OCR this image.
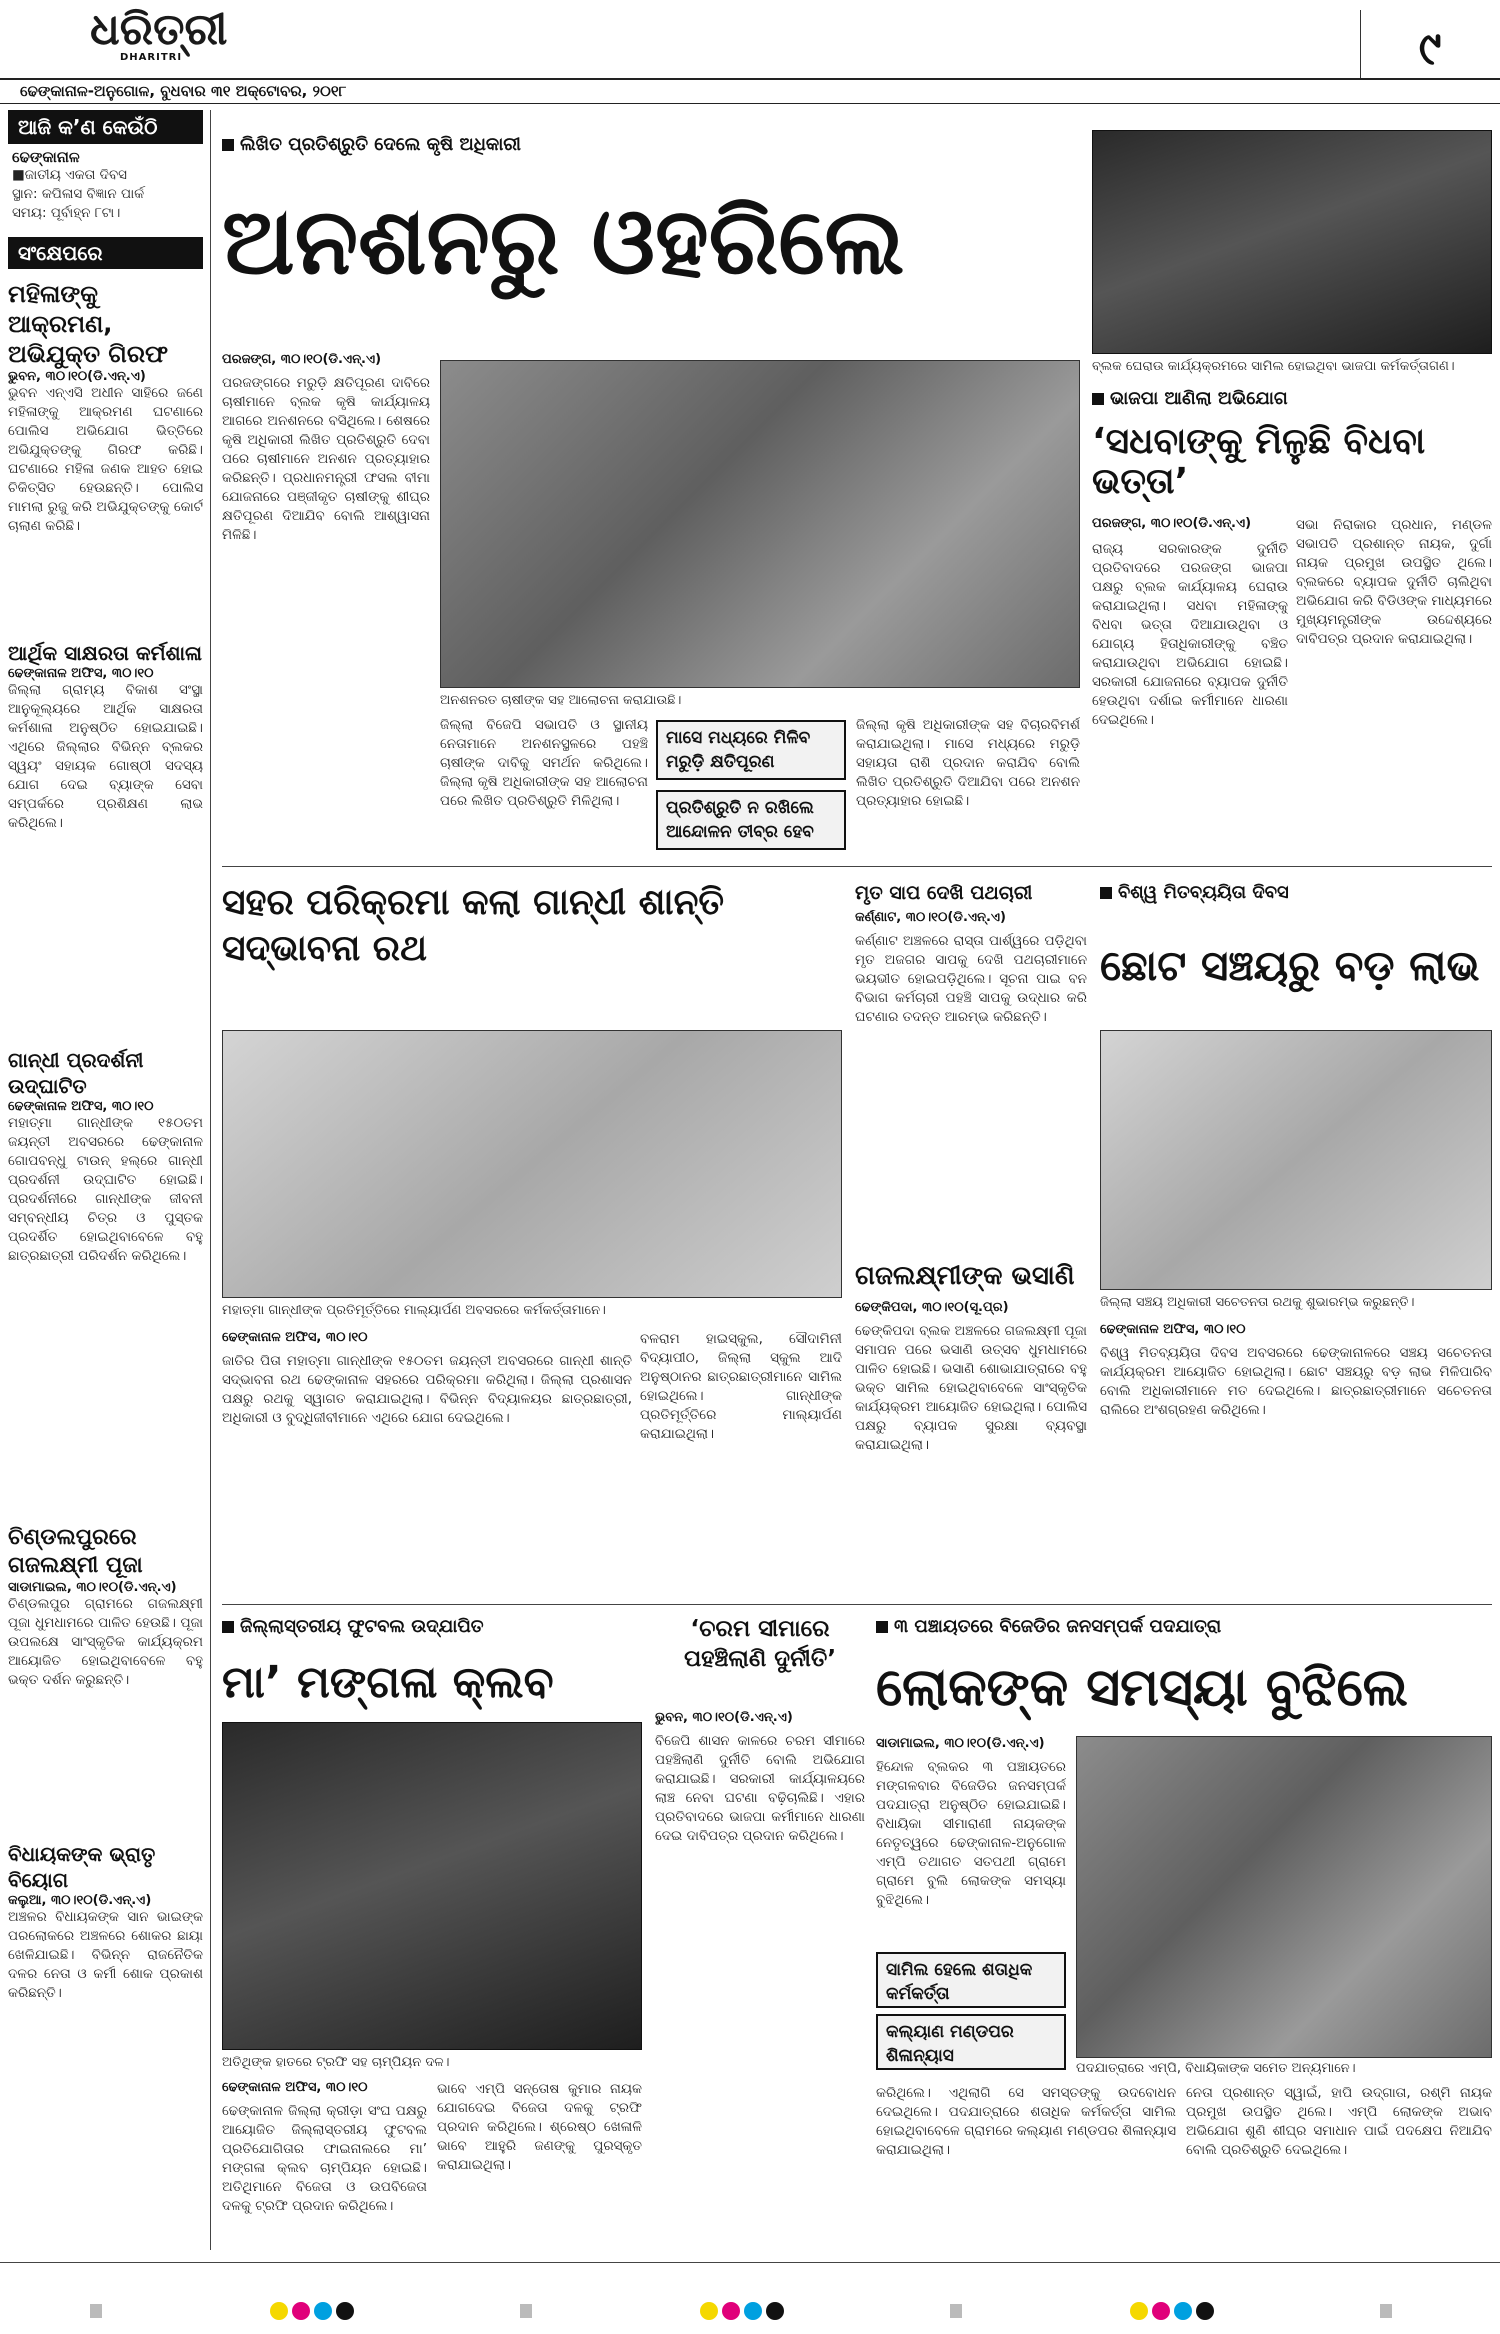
ଧରିତ୍ରୀ
DHARITRI	୯
ଢେଙ୍କାନାଳ-ଅନୁଗୋଳ, ବୁଧବାର ୩୧ ଅକ୍ଟୋବର, ୨୦୧୮
ଆଜି କ’ଣ କେଉଁଠି
ଢେଙ୍କାନାଳ
■ଜାତୀୟ ଏକତା ଦିବସ
ସ୍ଥାନ: କପିଳାସ ବିଜ୍ଞାନ ପାର୍କ
ସମୟ: ପୂର୍ବାହ୍ନ ୮ଟା।
ସଂକ୍ଷେପରେ
ମହିଳାଙ୍କୁ ଆକ୍ରମଣ, ଅଭିଯୁକ୍ତ ଗିରଫ
ଭୁବନ, ୩୦।୧୦(ଡି.ଏନ୍.ଏ)
ଭୁବନ ଏନ୍‌ଏସି ଅଧୀନ ସାହିରେ ଜଣେ ମହିଳାଙ୍କୁ ଆକ୍ରମଣ ଘଟଣାରେ ପୋଲିସ ଅଭିଯୋଗ ଭିତ୍ତିରେ ଅଭିଯୁକ୍ତଙ୍କୁ ଗିରଫ କରିଛି। ଘଟଣାରେ ମହିଳା ଜଣକ ଆହତ ହୋଇ ଚିକିତ୍ସିତ ହେଉଛନ୍ତି। ପୋଲିସ ମାମଲା ରୁଜୁ କରି ଅଭିଯୁକ୍ତଙ୍କୁ କୋର୍ଟ ଚାଲାଣ କରିଛି।
ଆର୍ଥିକ ସାକ୍ଷରତା କର୍ମଶାଳା
ଢେଙ୍କାନାଳ ଅଫିସ, ୩୦।୧୦
ଜିଲ୍ଲା ଗ୍ରାମ୍ୟ ବିକାଶ ସଂସ୍ଥା ଆନୁକୂଲ୍ୟରେ ଆର୍ଥିକ ସାକ୍ଷରତା କର୍ମଶାଳା ଅନୁଷ୍ଠିତ ହୋଇଯାଇଛି। ଏଥିରେ ଜିଲ୍ଲାର ବିଭିନ୍ନ ବ୍ଲକର ସ୍ୱୟଂ ସହାୟକ ଗୋଷ୍ଠୀ ସଦସ୍ୟ ଯୋଗ ଦେଇ ବ୍ୟାଙ୍କ ସେବା ସମ୍ପର୍କରେ ପ୍ରଶିକ୍ଷଣ ଲାଭ କରିଥିଲେ।
ଗାନ୍ଧୀ ପ୍ରଦର୍ଶନୀ ଉଦ୍‌ଘାଟିତ
ଢେଙ୍କାନାଳ ଅଫିସ, ୩୦।୧୦
ମହାତ୍ମା ଗାନ୍ଧୀଙ୍କ ୧୫୦ତମ ଜୟନ୍ତୀ ଅବସରରେ ଢେଙ୍କାନାଳ ଗୋପବନ୍ଧୁ ଟାଉନ୍ ହଲ୍‌ରେ ଗାନ୍ଧୀ ପ୍ରଦର୍ଶନୀ ଉଦ୍‌ଘାଟିତ ହୋଇଛି। ପ୍ରଦର୍ଶନୀରେ ଗାନ୍ଧୀଙ୍କ ଜୀବନୀ ସମ୍ବନ୍ଧୀୟ ଚିତ୍ର ଓ ପୁସ୍ତକ ପ୍ରଦର୍ଶିତ ହୋଇଥିବାବେଳେ ବହୁ ଛାତ୍ରଛାତ୍ରୀ ପରିଦର୍ଶନ କରିଥିଲେ।
ଚିଣ୍ଡଲପୁରରେ ଗଜଲକ୍ଷ୍ମୀ ପୂଜା
ସାଡାମାଇଲ, ୩୦।୧୦(ଡି.ଏନ୍.ଏ)
ଚିଣ୍ଡଲପୁର ଗ୍ରାମରେ ଗଜଲକ୍ଷ୍ମୀ ପୂଜା ଧୁମଧାମରେ ପାଳିତ ହେଉଛି। ପୂଜା ଉପଲକ୍ଷେ ସାଂସ୍କୃତିକ କାର୍ଯ୍ୟକ୍ରମ ଆୟୋଜିତ ହୋଇଥିବାବେଳେ ବହୁ ଭକ୍ତ ଦର୍ଶନ କରୁଛନ୍ତି।
ବିଧାୟକଙ୍କ ଭ୍ରାତୃ ବିୟୋଗ
କଲୁଆ, ୩୦।୧୦(ଡି.ଏନ୍.ଏ)
ଅଞ୍ଚଳର ବିଧାୟକଙ୍କ ସାନ ଭାଇଙ୍କ ପରଲୋକରେ ଅଞ୍ଚଳରେ ଶୋକର ଛାୟା ଖେଳିଯାଇଛି। ବିଭିନ୍ନ ରାଜନୈତିକ ଦଳର ନେତା ଓ କର୍ମୀ ଶୋକ ପ୍ରକାଶ କରିଛନ୍ତି।
ଲିଖିତ ପ୍ରତିଶ୍ରୁତି ଦେଲେ କୃଷି ଅଧିକାରୀ
ଅନଶନରୁ ଓହରିଲେ
ପରଜଙ୍ଗ, ୩୦।୧୦(ଡି.ଏନ୍.ଏ)
ପରଜଙ୍ଗରେ ମରୁଡ଼ି କ୍ଷତିପୂରଣ ଦାବିରେ ଚାଷୀମାନେ ବ୍ଲକ କୃଷି କାର୍ଯ୍ୟାଳୟ ଆଗରେ ଅନଶନରେ ବସିଥିଲେ। ଶେଷରେ କୃଷି ଅଧିକାରୀ ଲିଖିତ ପ୍ରତିଶ୍ରୁତି ଦେବା ପରେ ଚାଷୀମାନେ ଅନଶନ ପ୍ରତ୍ୟାହାର କରିଛନ୍ତି। ପ୍ରଧାନମନ୍ତ୍ରୀ ଫସଲ ବୀମା ଯୋଜନାରେ ପଞ୍ଜୀକୃତ ଚାଷୀଙ୍କୁ ଶୀଘ୍ର କ୍ଷତିପୂରଣ ଦିଆଯିବ ବୋଲି ଆଶ୍ୱାସନା ମିଳିଛି।
ଅନଶନରତ ଚାଷୀଙ୍କ ସହ ଆଲୋଚନା କରାଯାଉଛି।
ଜିଲ୍ଲା ବିଜେପି ସଭାପତି ଓ ସ୍ଥାନୀୟ ନେତାମାନେ ଅନଶନସ୍ଥଳରେ ପହଞ୍ଚି ଚାଷୀଙ୍କ ଦାବିକୁ ସମର୍ଥନ କରିଥିଲେ। ଜିଲ୍ଲା କୃଷି ଅଧିକାରୀଙ୍କ ସହ ଆଲୋଚନା ପରେ ଲିଖିତ ପ୍ରତିଶ୍ରୁତି ମିଳିଥିଲା।
ମାସେ ମଧ୍ୟରେ ମିଳିବ ମରୁଡ଼ି କ୍ଷତିପୂରଣ
ପ୍ରତିଶ୍ରୁତି ନ ରଖିଲେ ଆନ୍ଦୋଳନ ତୀବ୍ର ହେବ
ଜିଲ୍ଲା କୃଷି ଅଧିକାରୀଙ୍କ ସହ ବିଚାରବିମର୍ଶ କରାଯାଇଥିଲା। ମାସେ ମଧ୍ୟରେ ମରୁଡ଼ି ସହାୟତା ରାଶି ପ୍ରଦାନ କରାଯିବ ବୋଲି ଲିଖିତ ପ୍ରତିଶ୍ରୁତି ଦିଆଯିବା ପରେ ଅନଶନ ପ୍ରତ୍ୟାହାର ହୋଇଛି।
ବ୍ଲକ ଘେରାଉ କାର୍ଯ୍ୟକ୍ରମରେ ସାମିଲ ହୋଇଥିବା ଭାଜପା କର୍ମକର୍ତ୍ତାଗଣ।
ଭାଜପା ଆଣିଲା ଅଭିଯୋଗ
‘ସଧବାଙ୍କୁ ମିଳୁଛି ବିଧବା ଭତ୍ତା’
ପରଜଙ୍ଗ, ୩୦।୧୦(ଡି.ଏନ୍.ଏ)
ରାଜ୍ୟ ସରକାରଙ୍କ ଦୁର୍ନୀତି ପ୍ରତିବାଦରେ ପରଜଙ୍ଗ ଭାଜପା ପକ୍ଷରୁ ବ୍ଲକ କାର୍ଯ୍ୟାଳୟ ଘେରାଉ କରାଯାଇଥିଲା। ସଧବା ମହିଳାଙ୍କୁ ବିଧବା ଭତ୍ତା ଦିଆଯାଉଥିବା ଓ ଯୋଗ୍ୟ ହିତାଧିକାରୀଙ୍କୁ ବଞ୍ଚିତ କରାଯାଉଥିବା ଅଭିଯୋଗ ହୋଇଛି। ସରକାରୀ ଯୋଜନାରେ ବ୍ୟାପକ ଦୁର୍ନୀତି ହେଉଥିବା ଦର୍ଶାଇ କର୍ମୀମାନେ ଧାରଣା ଦେଇଥିଲେ।
ସଭା ନିରାକାର ପ୍ରଧାନ, ମଣ୍ଡଳ ସଭାପତି ପ୍ରଶାନ୍ତ ନାୟକ, ଦୁର୍ଗା ନାୟକ ପ୍ରମୁଖ ଉପସ୍ଥିତ ଥିଲେ। ବ୍ଲକରେ ବ୍ୟାପକ ଦୁର୍ନୀତି ଚାଲିଥିବା ଅଭିଯୋଗ କରି ବିଡିଓଙ୍କ ମାଧ୍ୟମରେ ମୁଖ୍ୟମନ୍ତ୍ରୀଙ୍କ ଉଦ୍ଦେଶ୍ୟରେ ଦାବିପତ୍ର ପ୍ରଦାନ କରାଯାଇଥିଲା।
ସହର ପରିକ୍ରମା କଲା ଗାନ୍ଧୀ ଶାନ୍ତି ସଦ୍‌ଭାବନା ରଥ
ମହାତ୍ମା ଗାନ୍ଧୀଙ୍କ ପ୍ରତିମୂର୍ତ୍ତିରେ ମାଲ୍ୟାର୍ପଣ ଅବସରରେ କର୍ମକର୍ତ୍ତାମାନେ।
ଢେଙ୍କାନାଳ ଅଫିସ, ୩୦।୧୦
ଜାତିର ପିତା ମହାତ୍ମା ଗାନ୍ଧୀଙ୍କ ୧୫୦ତମ ଜୟନ୍ତୀ ଅବସରରେ ଗାନ୍ଧୀ ଶାନ୍ତି ସଦ୍‌ଭାବନା ରଥ ଢେଙ୍କାନାଳ ସହରରେ ପରିକ୍ରମା କରିଥିଲା। ଜିଲ୍ଲା ପ୍ରଶାସନ ପକ୍ଷରୁ ରଥକୁ ସ୍ୱାଗତ କରାଯାଇଥିଲା। ବିଭିନ୍ନ ବିଦ୍ୟାଳୟର ଛାତ୍ରଛାତ୍ରୀ, ଅଧିକାରୀ ଓ ବୁଦ୍ଧିଜୀବୀମାନେ ଏଥିରେ ଯୋଗ ଦେଇଥିଲେ।
ବଳରାମ ହାଇସ୍କୁଲ, ସୌଦାମିନୀ ବିଦ୍ୟାପୀଠ, ଜିଲ୍ଲା ସ୍କୁଲ ଆଦି ଅନୁଷ୍ଠାନର ଛାତ୍ରଛାତ୍ରୀମାନେ ସାମିଲ ହୋଇଥିଲେ। ଗାନ୍ଧୀଙ୍କ ପ୍ରତିମୂର୍ତ୍ତିରେ ମାଲ୍ୟାର୍ପଣ କରାଯାଇଥିଲା।
ମୃତ ସାପ ଦେଖି ପଥଚାରୀ
କର୍ଣ୍ଣାଟ, ୩୦।୧୦(ଡି.ଏନ୍.ଏ)
କର୍ଣ୍ଣାଟ ଅଞ୍ଚଳରେ ରାସ୍ତା ପାର୍ଶ୍ୱରେ ପଡ଼ିଥିବା ମୃତ ଅଜଗର ସାପକୁ ଦେଖି ପଥଚାରୀମାନେ ଭୟଭୀତ ହୋଇପଡ଼ିଥିଲେ। ସୂଚନା ପାଇ ବନ ବିଭାଗ କର୍ମଚାରୀ ପହଞ୍ଚି ସାପକୁ ଉଦ୍ଧାର କରି ଘଟଣାର ତଦନ୍ତ ଆରମ୍ଭ କରିଛନ୍ତି।
ଗଜଲକ୍ଷ୍ମୀଙ୍କ ଭସାଣି
ଢେଙ୍କିପଦା, ୩୦।୧୦(ସୂ.ପ୍ର)
ଢେଙ୍କିପଦା ବ୍ଲକ ଅଞ୍ଚଳରେ ଗଜଲକ୍ଷ୍ମୀ ପୂଜା ସମାପନ ପରେ ଭସାଣି ଉତ୍ସବ ଧୁମଧାମରେ ପାଳିତ ହୋଇଛି। ଭସାଣି ଶୋଭାଯାତ୍ରାରେ ବହୁ ଭକ୍ତ ସାମିଲ ହୋଇଥିବାବେଳେ ସାଂସ୍କୃତିକ କାର୍ଯ୍ୟକ୍ରମ ଆୟୋଜିତ ହୋଇଥିଲା। ପୋଲିସ ପକ୍ଷରୁ ବ୍ୟାପକ ସୁରକ୍ଷା ବ୍ୟବସ୍ଥା କରାଯାଇଥିଲା।
ବିଶ୍ୱ ମିତବ୍ୟୟିତା ଦିବସ
ଛୋଟ ସଞ୍ଚୟରୁ ବଡ଼ ଲାଭ
ଜିଲ୍ଲା ସଞ୍ଚୟ ଅଧିକାରୀ ସଚେତନତା ରଥକୁ ଶୁଭାରମ୍ଭ କରୁଛନ୍ତି।
ଢେଙ୍କାନାଳ ଅଫିସ, ୩୦।୧୦
ବିଶ୍ୱ ମିତବ୍ୟୟିତା ଦିବସ ଅବସରରେ ଢେଙ୍କାନାଳରେ ସଞ୍ଚୟ ସଚେତନତା କାର୍ଯ୍ୟକ୍ରମ ଆୟୋଜିତ ହୋଇଥିଲା। ଛୋଟ ସଞ୍ଚୟରୁ ବଡ଼ ଲାଭ ମିଳିପାରିବ ବୋଲି ଅଧିକାରୀମାନେ ମତ ଦେଇଥିଲେ। ଛାତ୍ରଛାତ୍ରୀମାନେ ସଚେତନତା ରାଲିରେ ଅଂଶଗ୍ରହଣ କରିଥିଲେ।
ଜିଲ୍ଲାସ୍ତରୀୟ ଫୁଟବଲ ଉଦ୍‌ଯାପିତ
ମା’ ମଙ୍ଗଳା କ୍ଲବ
ଅତିଥିଙ୍କ ହାତରେ ଟ୍ରଫି ସହ ଚାମ୍ପିୟନ ଦଳ।
ଢେଙ୍କାନାଳ ଅଫିସ, ୩୦।୧୦
ଢେଙ୍କାନାଳ ଜିଲ୍ଲା କ୍ରୀଡ଼ା ସଂଘ ପକ୍ଷରୁ ଆୟୋଜିତ ଜିଲ୍ଲାସ୍ତରୀୟ ଫୁଟବଲ ପ୍ରତିଯୋଗିତାର ଫାଇନାଲରେ ମା’ ମଙ୍ଗଳା କ୍ଲବ ଚାମ୍ପିୟନ ହୋଇଛି। ଅତିଥିମାନେ ବିଜେତା ଓ ଉପବିଜେତା ଦଳକୁ ଟ୍ରଫି ପ୍ରଦାନ କରିଥିଲେ।
ଭାବେ ଏମ୍‌ପି ସନ୍ତୋଷ କୁମାର ନାୟକ ଯୋଗଦେଇ ବିଜେତା ଦଳକୁ ଟ୍ରଫି ପ୍ରଦାନ କରିଥିଲେ। ଶ୍ରେଷ୍ଠ ଖେଳାଳି ଭାବେ ଆହୁରି ଜଣଙ୍କୁ ପୁରସ୍କୃତ କରାଯାଇଥିଲା।
‘ଚରମ ସୀମାରେ ପହଞ୍ଚିଲାଣି ଦୁର୍ନୀତି’
ଭୁବନ, ୩୦।୧୦(ଡି.ଏନ୍.ଏ)
ବିଜେପି ଶାସନ କାଳରେ ଚରମ ସୀମାରେ ପହଞ୍ଚିଲାଣି ଦୁର୍ନୀତି ବୋଲି ଅଭିଯୋଗ କରାଯାଇଛି। ସରକାରୀ କାର୍ଯ୍ୟାଳୟରେ ଲାଞ୍ଚ ନେବା ଘଟଣା ବଢ଼ିଚାଲିଛି। ଏହାର ପ୍ରତିବାଦରେ ଭାଜପା କର୍ମୀମାନେ ଧାରଣା ଦେଇ ଦାବିପତ୍ର ପ୍ରଦାନ କରିଥିଲେ।
୩ ପଞ୍ଚାୟତରେ ବିଜେଡିର ଜନସମ୍ପର୍କ ପଦଯାତ୍ରା
ଲୋକଙ୍କ ସମସ୍ୟା ବୁଝିଲେ
ସାଡାମାଇଲ, ୩୦।୧୦(ଡି.ଏନ୍.ଏ)
ହିନ୍ଦୋଳ ବ୍ଲକର ୩ ପଞ୍ଚାୟତରେ ମଙ୍ଗଳବାର ବିଜେଡିର ଜନସମ୍ପର୍କ ପଦଯାତ୍ରା ଅନୁଷ୍ଠିତ ହୋଇଯାଇଛି। ବିଧାୟିକା ସୀମାରାଣୀ ନାୟକଙ୍କ ନେତୃତ୍ୱରେ ଢେଙ୍କାନାଳ-ଅନୁଗୋଳ ଏମ୍‌ପି ତଥାଗତ ସତପଥୀ ଗ୍ରାମେ ଗ୍ରାମେ ବୁଲି ଲୋକଙ୍କ ସମସ୍ୟା ବୁଝିଥିଲେ।
ସାମିଲ ହେଲେ ଶତାଧିକ କର୍ମକର୍ତ୍ତା
କଲ୍ୟାଣ ମଣ୍ଡପର ଶିଳାନ୍ୟାସ
ପଦଯାତ୍ରାରେ ଏମ୍‌ପି, ବିଧାୟିକାଙ୍କ ସମେତ ଅନ୍ୟମାନେ।
କରିଥିଲେ। ଏଥିଲାଗି ସେ ସମସ୍ତଙ୍କୁ ଉଦବୋଧନ ଦେଇଥିଲେ। ପଦଯାତ୍ରାରେ ଶତାଧିକ କର୍ମକର୍ତ୍ତା ସାମିଲ ହୋଇଥିବାବେଳେ ଗ୍ରାମରେ କଲ୍ୟାଣ ମଣ୍ଡପର ଶିଳାନ୍ୟାସ କରାଯାଇଥିଲା।
ନେତା ପ୍ରଶାନ୍ତ ସ୍ୱାଇଁ, ହାପି ଉଦ୍ଗାତା, ରଶ୍ମି ନାୟକ ପ୍ରମୁଖ ଉପସ୍ଥିତ ଥିଲେ। ଏମ୍‌ପି ଲୋକଙ୍କ ଅଭାବ ଅଭିଯୋଗ ଶୁଣି ଶୀଘ୍ର ସମାଧାନ ପାଇଁ ପଦକ୍ଷେପ ନିଆଯିବ ବୋଲି ପ୍ରତିଶ୍ରୁତି ଦେଇଥିଲେ।
